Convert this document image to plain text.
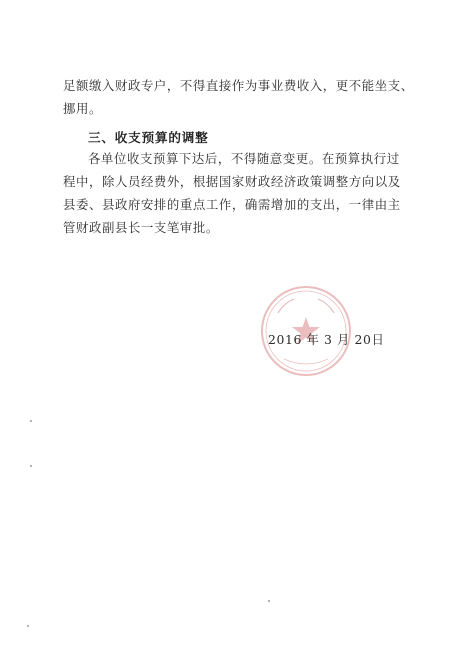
足额缴入财政专户，不得直接作为事业费收入，更不能坐支、
挪用。
三、收支预算的调整
各单位收支预算下达后，不得随意变更。在预算执行过
程中，除人员经费外，根据国家财政经济政策调整方向以及
县委、县政府安排的重点工作，确需增加的支出，一律由主
管财政副县长一支笔审批。
2016 年 3 月 20日
